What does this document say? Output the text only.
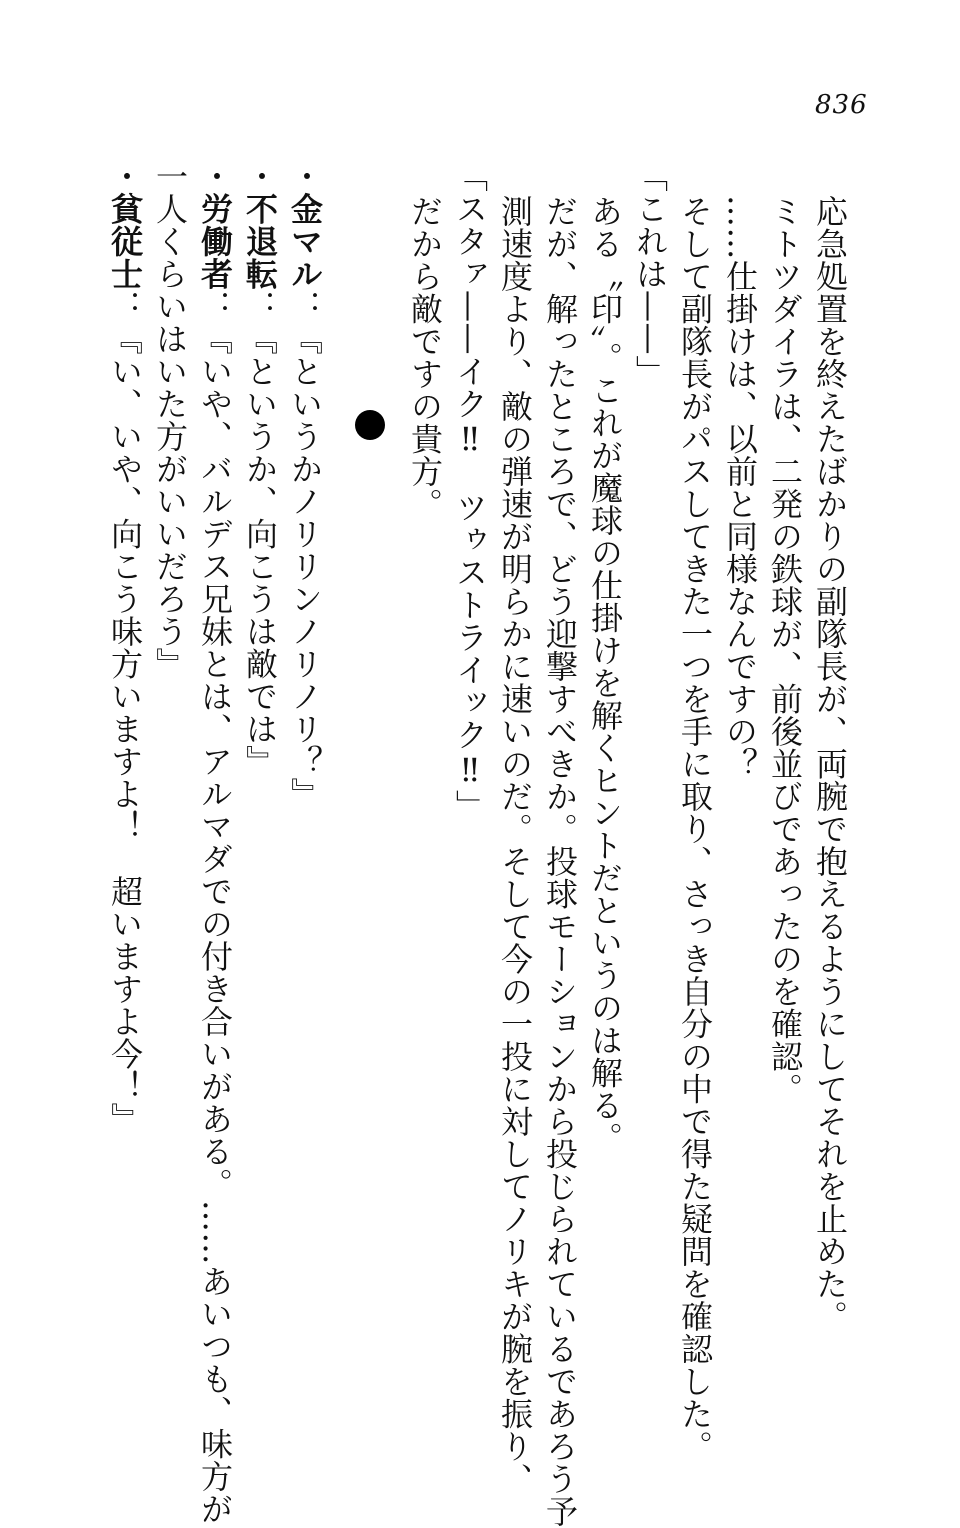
836
応急処置を終えたばかりの副隊長が、両腕で抱えるようにしてそれを止めた。
ミトツダイラは、二発の鉄球が、前後並びであったのを確認。
……仕掛けは、以前と同様なんですの？
そして副隊長がパスしてきた一つを手に取り、さっき自分の中で得た疑問を確認した。
「これは——」
ある〝印〟。これが魔球の仕掛けを解くヒントだというのは解る。
だが、解ったところで、どう迎撃すべきか。投球モーションから投じられているであろう予
測速度より、敵の弾速が明らかに速いのだ。そして今の一投に対してノリキが腕を振り、
「スタァ——イク‼　ツゥストライック‼」
だから敵ですの貴方。
・金マル：『というかノリリンノリノリ？』
・不退転：『というか、向こうは敵では』
・労働者：『いや、バルデス兄妹とは、アルマダでの付き合いがある。……あいつも、味方が
一人くらいはいた方がいいだろう』
・貧従士：『い、いや、向こう味方いますよ！　超いますよ今！』
